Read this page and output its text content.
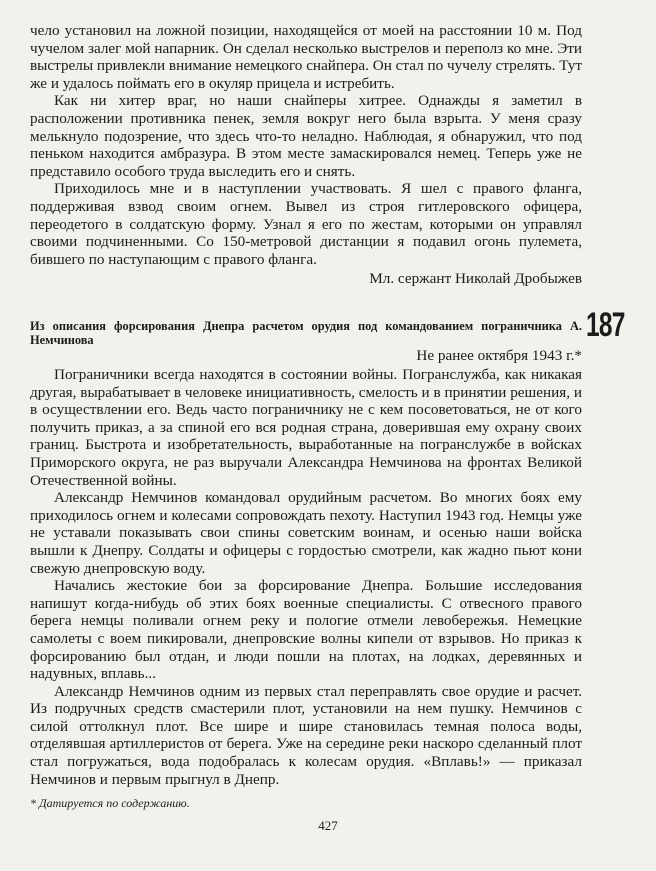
чело установил на ложной позиции, находящейся от моей на расстоянии 10 м. Под чучелом залег мой напарник. Он сделал несколько выстрелов и переполз ко мне. Эти выстрелы привлекли внимание немецкого снайпера. Он стал по чучелу стрелять. Тут же и удалось поймать его в окуляр прицела и истребить.

Как ни хитер враг, но наши снайперы хитрее. Однажды я заметил в расположении противника пенек, земля вокруг него была взрыта. У меня сразу мелькнуло подозрение, что здесь что-то неладно. Наблюдая, я обнаружил, что под пеньком находится амбразура. В этом месте замаскировался немец. Теперь уже не представило особого труда выследить его и снять.

Приходилось мне и в наступлении участвовать. Я шел с правого фланга, поддерживая взвод своим огнем. Вывел из строя гитлеровского офицера, переодетого в солдатскую форму. Узнал я его по жестам, которыми он управлял своими подчиненными. Со 150-метровой дистанции я подавил огонь пулемета, бившего по наступающим с правого фланга.

Мл. сержант Николай Дробыжев

187

Из описания форсирования Днепра расчетом орудия под командованием пограничника А. Немчинова

Не ранее октября 1943 г.*

Пограничники всегда находятся в состоянии войны. Погранслужба, как никакая другая, вырабатывает в человеке инициативность, смелость и в принятии решения, и в осуществлении его. Ведь часто пограничнику не с кем посоветоваться, не от кого получить приказ, а за спиной его вся родная страна, доверившая ему охрану своих границ. Быстрота и изобретательность, выработанные на погранслужбе в войсках Приморского округа, не раз выручали Александра Немчинова на фронтах Великой Отечественной войны.

Александр Немчинов командовал орудийным расчетом. Во многих боях ему приходилось огнем и колесами сопровождать пехоту. Наступил 1943 год. Немцы уже не уставали показывать свои спины советским воинам, и осенью наши войска вышли к Днепру. Солдаты и офицеры с гордостью смотрели, как жадно пьют кони свежую днепровскую воду.

Начались жестокие бои за форсирование Днепра. Большие исследования напишут когда-нибудь об этих боях военные специалисты. С отвесного правого берега немцы поливали огнем реку и пологие отмели левобережья. Немецкие самолеты с воем пикировали, днепровские волны кипели от взрывов. Но приказ к форсированию был отдан, и люди пошли на плотах, на лодках, деревянных и надувных, вплавь...

Александр Немчинов одним из первых стал переправлять свое орудие и расчет. Из подручных средств смастерили плот, установили на нем пушку. Немчинов с силой оттолкнул плот. Все шире и шире становилась темная полоса воды, отделявшая артиллеристов от берега. Уже на середине реки наскоро сделанный плот стал погружаться, вода подобралась к колесам орудия. «Вплавь!» — приказал Немчинов и первым прыгнул в Днепр.

* Датируется по содержанию.
427
